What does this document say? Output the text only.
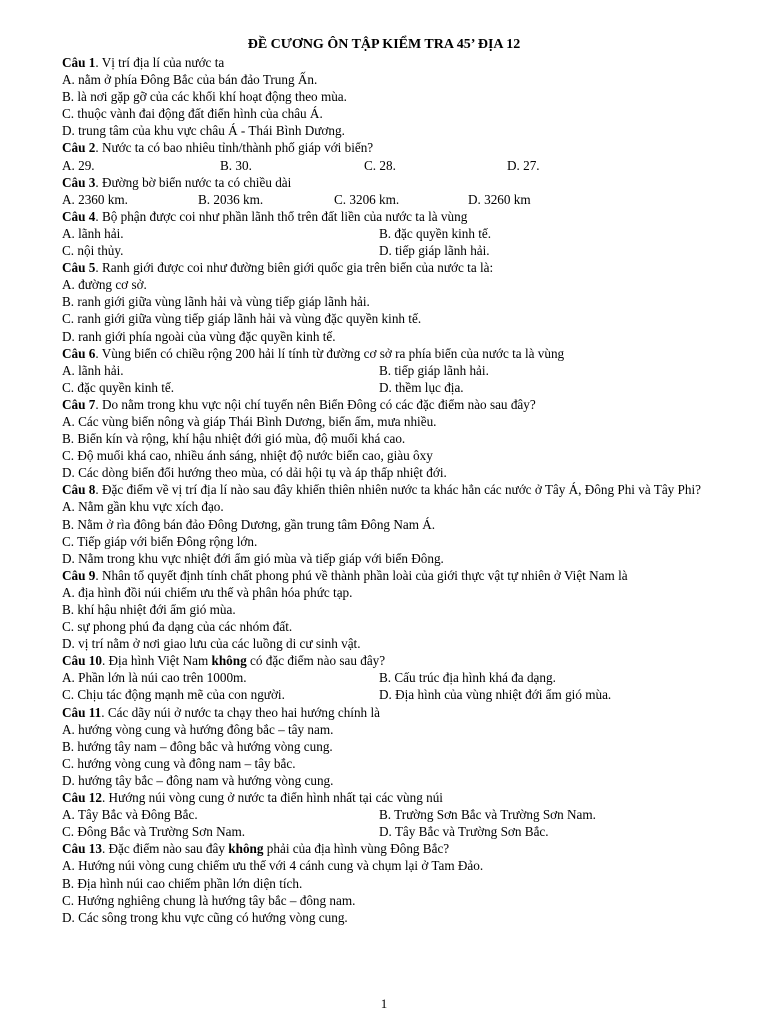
ĐỀ CƯƠNG ÔN TẬP KIỂM TRA 45’ ĐỊA 12
Câu 1. Vị trí địa lí của nước ta
A. nằm ở phía Đông Bắc của bán đảo Trung Ấn.
B. là nơi gặp gỡ của các khối khí hoạt động theo mùa.
C. thuộc vành đai động đất điển hình của châu Á.
D. trung tâm của khu vực châu Á - Thái Bình Dương.
Câu 2. Nước ta có bao nhiêu tỉnh/thành phố giáp với biển?
A. 29.	B. 30.	C. 28.	D. 27.
Câu 3. Đường bờ biển nước ta có chiều dài
A. 2360 km.	B. 2036 km.	C. 3206 km.	D. 3260 km
Câu 4. Bộ phận được coi như phần lãnh thổ trên đất liền của nước ta là vùng
A. lãnh hải.	B. đặc quyền kinh tế.
C. nội thủy.	D. tiếp giáp lãnh hải.
Câu 5. Ranh giới được coi như đường biên giới quốc gia trên biển của nước ta là:
A. đường cơ sở.
B. ranh giới giữa vùng lãnh hải và vùng tiếp giáp lãnh hải.
C. ranh giới giữa vùng tiếp giáp lãnh hải và vùng đặc quyền kinh tế.
D. ranh giới phía ngoài của vùng đặc quyền kinh tế.
Câu 6. Vùng biển có chiều rộng 200 hải lí tính từ đường cơ sở ra phía biển của nước ta là vùng
A. lãnh hải.	B. tiếp giáp lãnh hải.
C. đặc quyền kinh tế.	D. thềm lục địa.
Câu 7. Do nằm trong khu vực nội chí tuyến nên Biển Đông có các đặc điểm nào sau đây?
A. Các vùng biển nông và giáp Thái Bình Dương, biển ấm, mưa nhiều.
B. Biển kín và rộng, khí hậu nhiệt đới gió mùa, độ muối khá cao.
C. Độ muối khá cao, nhiều ánh sáng, nhiệt độ nước biển cao, giàu ôxy
D. Các dòng biển đổi hướng theo mùa, có dải hội tụ và áp thấp nhiệt đới.
Câu 8. Đặc điểm về vị trí địa lí nào sau đây khiến thiên nhiên nước ta khác hẳn các nước ở Tây Á, Đông Phi và Tây Phi?
A. Nằm gần khu vực xích đạo.
B. Nằm ở rìa đông bán đảo Đông Dương, gần trung tâm Đông Nam Á.
C. Tiếp giáp với biển Đông rộng lớn.
D. Nằm trong khu vực nhiệt đới ẩm gió mùa và tiếp giáp với biển Đông.
Câu 9. Nhân tố quyết định tính chất phong phú về thành phần loài của giới thực vật tự nhiên ở Việt Nam là
A. địa hình đồi núi chiếm ưu thế và phân hóa phức tạp.
B. khí hậu nhiệt đới ẩm gió mùa.
C. sự phong phú đa dạng của các nhóm đất.
D. vị trí nằm ở nơi giao lưu của các luồng di cư sinh vật.
Câu 10. Địa hình Việt Nam không có đặc điểm nào sau đây?
A. Phần lớn là núi cao trên 1000m.	B. Cấu trúc địa hình khá đa dạng.
C. Chịu tác động mạnh mẽ của con người.	D. Địa hình của vùng nhiệt đới ẩm gió mùa.
Câu 11. Các dãy núi ở nước ta chạy theo hai hướng chính là
A. hướng vòng cung và hướng đông bắc – tây nam.
B. hướng tây nam – đông bắc và hướng vòng cung.
C. hướng vòng cung và đông nam – tây bắc.
D. hướng tây bắc – đông nam và hướng vòng cung.
Câu 12. Hướng núi vòng cung ở nước ta điển hình nhất tại các vùng núi
A. Tây Bắc và Đông Bắc.	B. Trường Sơn Bắc và Trường Sơn Nam.
C. Đông Bắc và Trường Sơn Nam.	D. Tây Bắc và Trường Sơn Bắc.
Câu 13. Đặc điểm nào sau đây không phải của địa hình vùng Đông Bắc?
A. Hướng núi vòng cung chiếm ưu thế với 4 cánh cung và chụm lại ở Tam Đảo.
B. Địa hình núi cao chiếm phần lớn diện tích.
C. Hướng nghiêng chung là hướng tây bắc – đông nam.
D. Các sông trong khu vực cũng có hướng vòng cung.
1
